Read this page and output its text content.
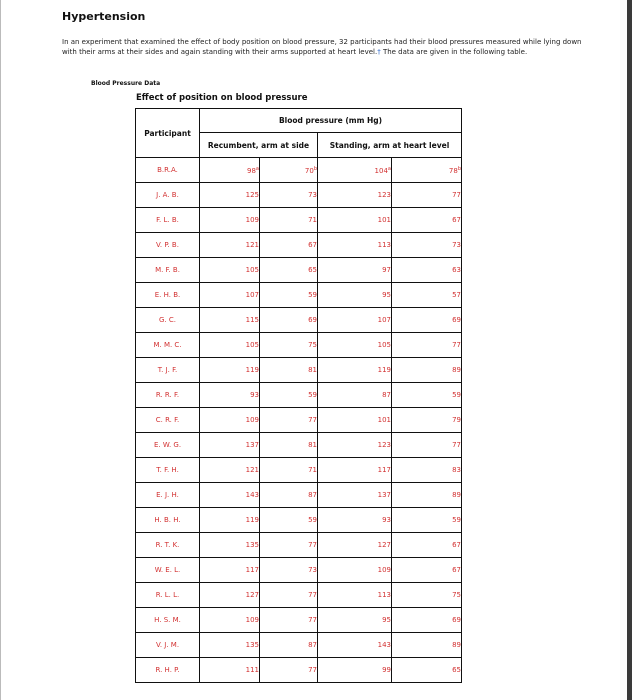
Hypertension
In an experiment that examined the effect of body position on blood pressure, 32 participants had their blood pressures measured while lying down with their arms at their sides and again standing with their arms supported at heart level.† The data are given in the following table.
Blood Pressure Data
Effect of position on blood pressure
Participant	Blood pressure (mm Hg)			
	Recumbent, arm at side		Standing, arm at heart level	
B.R.A.	98$^a$	70$^b$	104$^a$	78$^b$
J. A. B.	125	73	123	77
F. L. B.	109	71	101	67
V. P. B.	121	67	113	73
M. F. B.	105	65	97	63
E. H. B.	107	59	95	57
G. C.	115	69	107	69
M. M. C.	105	75	105	77
T. J. F.	119	81	119	89
R. R. F.	93	59	87	59
C. R. F.	109	77	101	79
E. W. G.	137	81	123	77
T. F. H.	121	71	117	83
E. J. H.	143	87	137	89
H. B. H.	119	59	93	59
R. T. K.	135	77	127	67
W. E. L.	117	73	109	67
R. L. L.	127	77	113	75
H. S. M.	109	77	95	69
V. J. M.	135	87	143	89
R. H. P.	111	77	99	65
